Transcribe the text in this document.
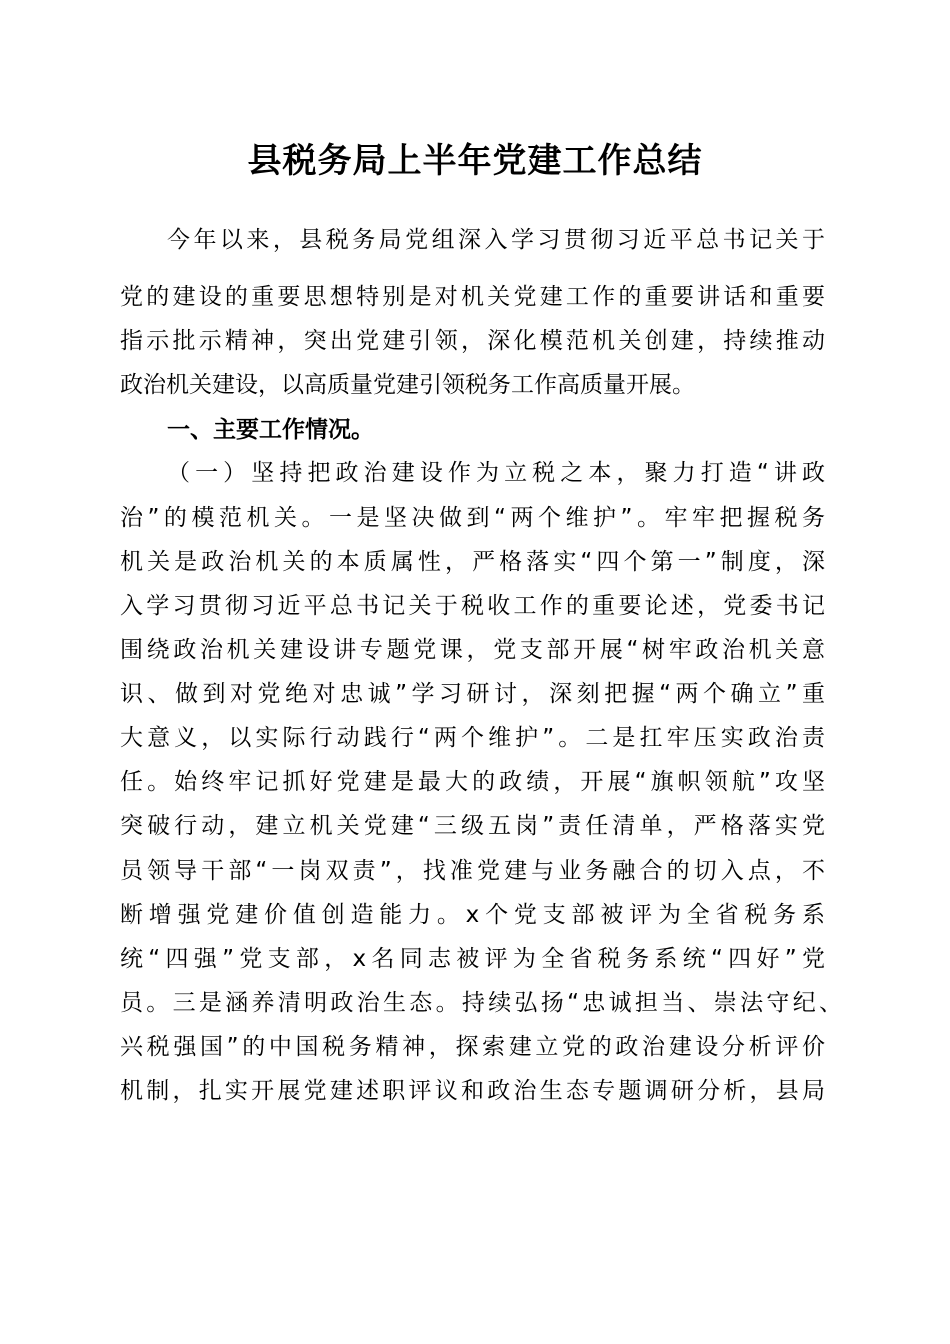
县税务局上半年党建工作总结
今年以来，县税务局党组深入学习贯彻习近平总书记关于
党的建设的重要思想特别是对机关党建工作的重要讲话和重要
指示批示精神，突出党建引领，深化模范机关创建，持续推动
政治机关建设，以高质量党建引领税务工作高质量开展。
一、主要工作情况。
（一）坚持把政治建设作为立税之本，聚力打造“讲政
治”的模范机关。一是坚决做到“两个维护”。牢牢把握税务
机关是政治机关的本质属性，严格落实“四个第一”制度，深
入学习贯彻习近平总书记关于税收工作的重要论述，党委书记
围绕政治机关建设讲专题党课，党支部开展“树牢政治机关意
识、做到对党绝对忠诚”学习研讨，深刻把握“两个确立”重
大意义，以实际行动践行“两个维护”。二是扛牢压实政治责
任。始终牢记抓好党建是最大的政绩，开展“旗帜领航”攻坚
突破行动，建立机关党建“三级五岗”责任清单，严格落实党
员领导干部“一岗双责”，找准党建与业务融合的切入点，不
断增强党建价值创造能力。x个党支部被评为全省税务系
统“四强”党支部，x名同志被评为全省税务系统“四好”党
员。三是涵养清明政治生态。持续弘扬“忠诚担当、崇法守纪、
兴税强国”的中国税务精神，探索建立党的政治建设分析评价
机制，扎实开展党建述职评议和政治生态专题调研分析，县局
